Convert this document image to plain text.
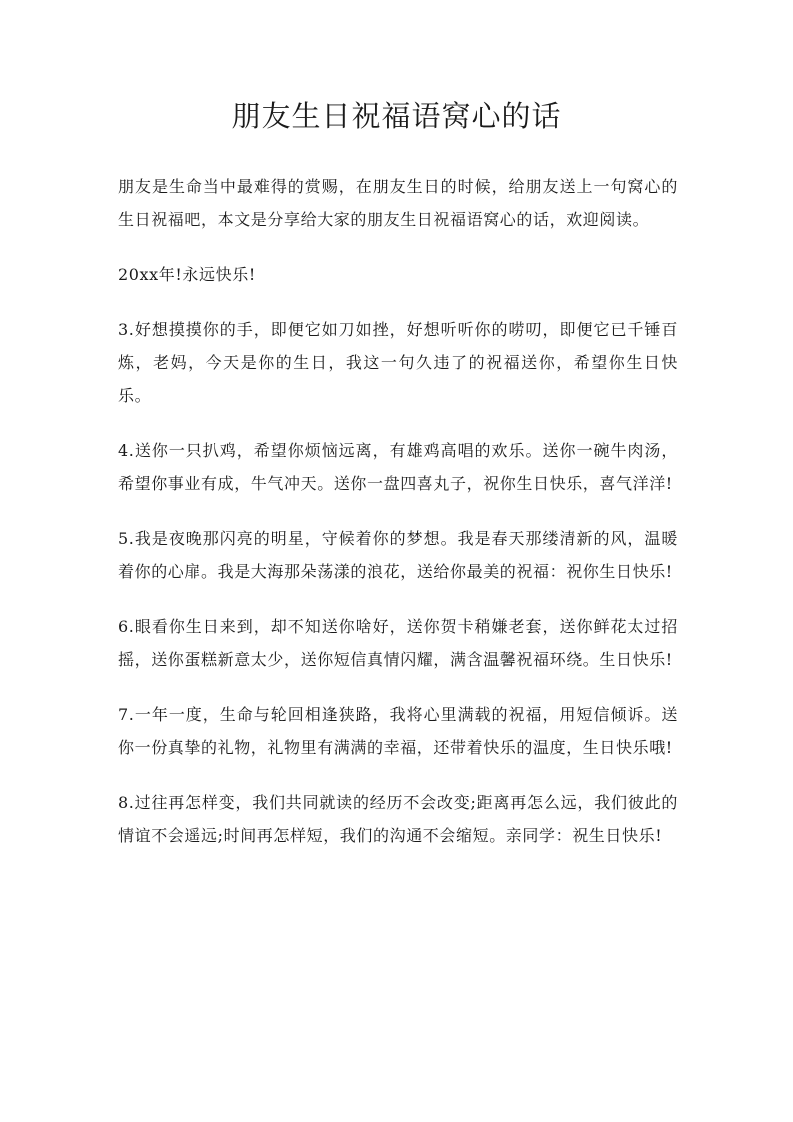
朋友生日祝福语窝心的话

朋友是生命当中最难得的赏赐，在朋友生日的时候，给朋友送上一句窝心的生日祝福吧，本文是分享给大家的朋友生日祝福语窝心的话，欢迎阅读。

20xx年!永远快乐!

3.好想摸摸你的手，即便它如刀如挫，好想听听你的唠叨，即便它已千锤百炼，老妈，今天是你的生日，我这一句久违了的祝福送你，希望你生日快乐。

4.送你一只扒鸡，希望你烦恼远离，有雄鸡高唱的欢乐。送你一碗牛肉汤，希望你事业有成，牛气冲天。送你一盘四喜丸子，祝你生日快乐，喜气洋洋!

5.我是夜晚那闪亮的明星，守候着你的梦想。我是春天那缕清新的风，温暖着你的心扉。我是大海那朵荡漾的浪花，送给你最美的祝福：祝你生日快乐!

6.眼看你生日来到，却不知送你啥好，送你贺卡稍嫌老套，送你鲜花太过招摇，送你蛋糕新意太少，送你短信真情闪耀，满含温馨祝福环绕。生日快乐!

7.一年一度，生命与轮回相逢狭路，我将心里满载的祝福，用短信倾诉。送你一份真挚的礼物，礼物里有满满的幸福，还带着快乐的温度，生日快乐哦!

8.过往再怎样变，我们共同就读的经历不会改变;距离再怎么远，我们彼此的情谊不会遥远;时间再怎样短，我们的沟通不会缩短。亲同学：祝生日快乐!
